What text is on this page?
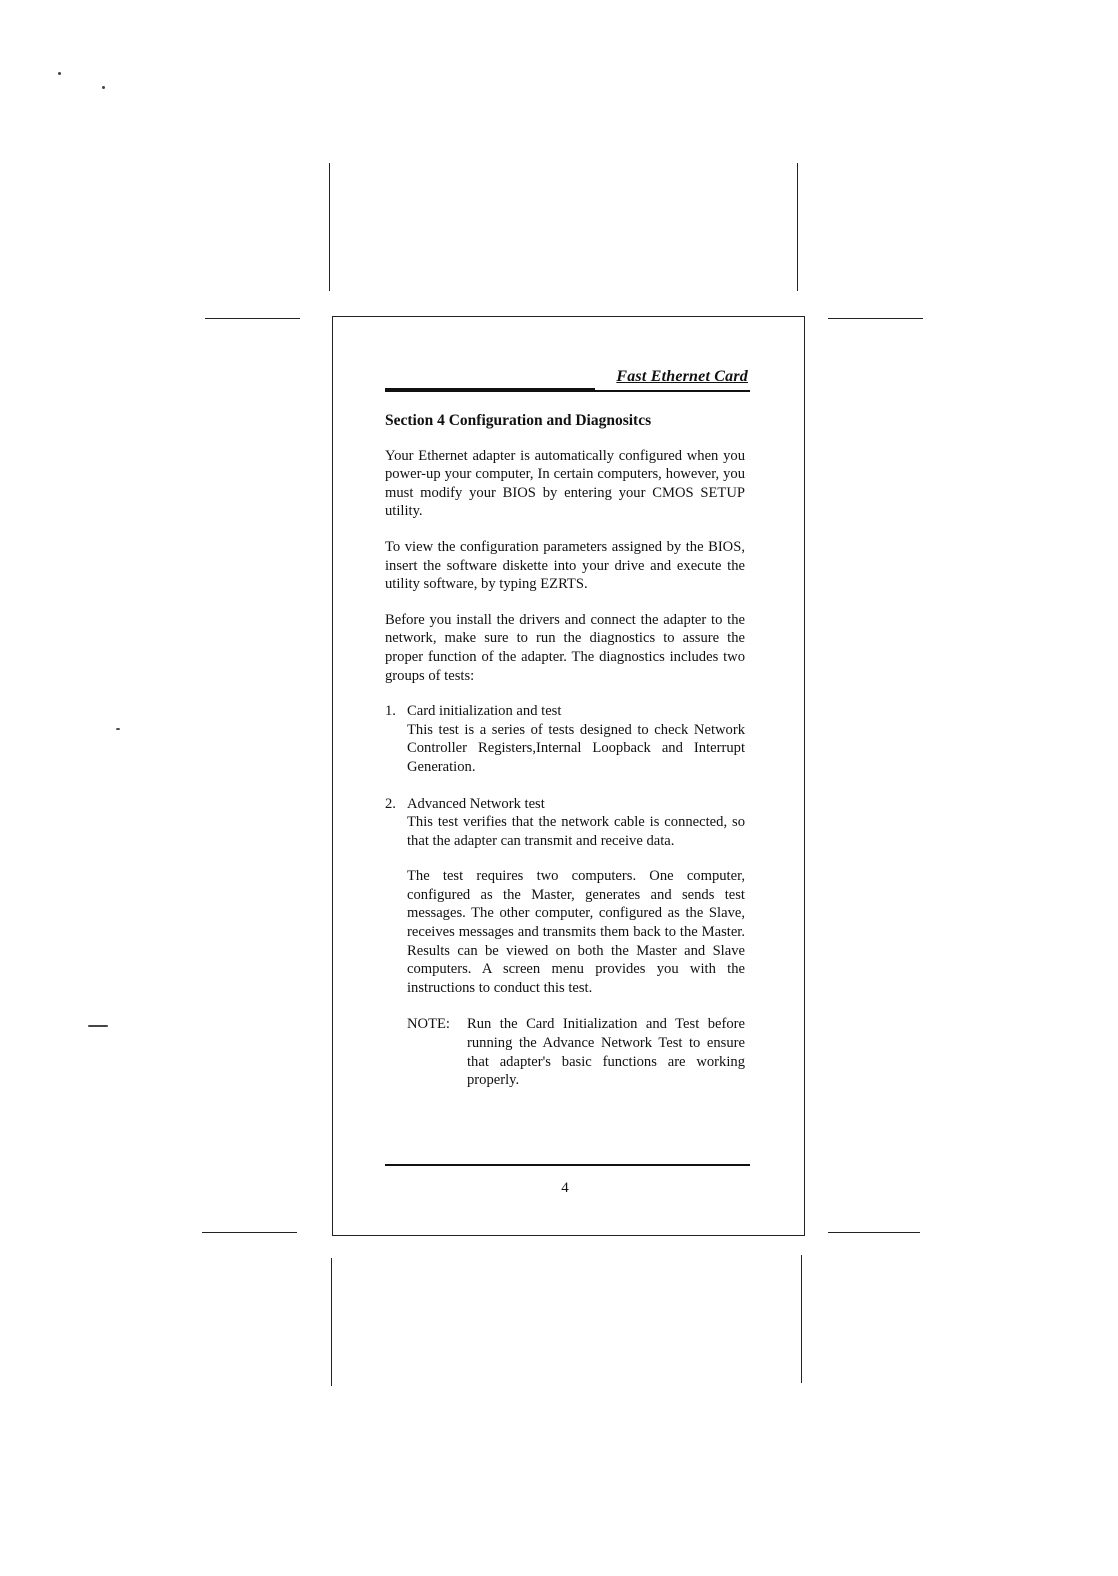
Fast Ethernet Card
Section 4 Configuration and Diagnositcs

Your Ethernet adapter is automatically configured when you power-up your computer, In certain computers, however, you must modify your BIOS by entering your CMOS SETUP utility.

To view the configuration parameters assigned by the BIOS, insert the software diskette into your drive and execute the utility software, by typing EZRTS.

Before you install the drivers and connect the adapter to the network, make sure to run the diagnostics to assure the proper function of the adapter. The diagnostics includes two groups of tests:

1. Card initialization and test
This test is a series of tests designed to check Network Controller Registers,Internal Loopback and Interrupt Generation.
2. Advanced Network test
This test verifies that the network cable is connected, so that the adapter can transmit and receive data.
The test requires two computers. One computer, configured as the Master, generates and sends test messages. The other computer, configured as the Slave, receives messages and transmits them back to the Master. Results can be viewed on both the Master and Slave computers. A screen menu provides you with the instructions to conduct this test.
NOTE:	Run the Card Initialization and Test before running the Advance Network Test to ensure that adapter's basic functions are working properly.
4
